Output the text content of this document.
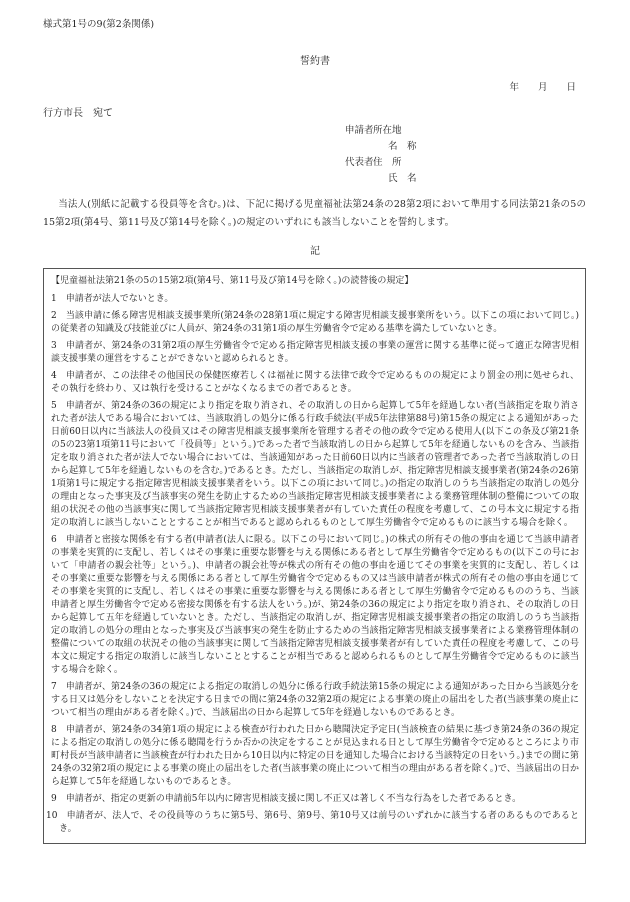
様式第1号の9(第2条関係)
誓約書
年　　月　　日
行方市長　宛て
申請者 所在地
名　称
代表者 住　所
氏　名

当法人(別紙に記載する役員等を含む。)は、下記に掲げる児童福祉法第24条の28第2項において準用する同法第21条の5の15第2項(第4号、第11号及び第14号を除く。)の規定のいずれにも該当しないことを誓約します。

記
【児童福祉法第21条の5の15第2項(第4号、第11号及び第14号を除く。)の読替後の規定】
1 申請者が法人でないとき。
2 当該申請に係る障害児相談支援事業所(第24条の28第1項に規定する障害児相談支援事業所をいう。以下この項において同じ。)の従業者の知識及び技能並びに人員が、第24条の31第1項の厚生労働省令で定める基準を満たしていないとき。
3 申請者が、第24条の31第2項の厚生労働省令で定める指定障害児相談支援の事業の運営に関する基準に従って適正な障害児相談支援事業の運営をすることができないと認められるとき。
4 申請者が、この法律その他国民の保健医療若しくは福祉に関する法律で政令で定めるものの規定により罰金の刑に処せられ、その執行を終わり、又は執行を受けることがなくなるまでの者であるとき。
5 申請者が、第24条の36の規定により指定を取り消され、その取消しの日から起算して5年を経過しない者(当該指定を取り消された者が法人である場合においては、当該取消しの処分に係る行政手続法(平成5年法律第88号)第15条の規定による通知があった日前60日以内に当該法人の役員又はその障害児相談支援事業所を管理する者その他の政令で定める使用人(以下この条及び第21条の5の23第1項第11号において「役員等」という。)であった者で当該取消しの日から起算して5年を経過しないものを含み、当該指定を取り消された者が法人でない場合においては、当該通知があった日前60日以内に当該者の管理者であった者で当該取消しの日から起算して5年を経過しないものを含む。)であるとき。ただし、当該指定の取消しが、指定障害児相談支援事業者(第24条の26第1項第1号に規定する指定障害児相談支援事業者をいう。以下この項において同じ。)の指定の取消しのうち当該指定の取消しの処分の理由となった事実及び当該事実の発生を防止するための当該指定障害児相談支援事業者による業務管理体制の整備についての取組の状況その他の当該事実に関して当該指定障害児相談支援事業者が有していた責任の程度を考慮して、この号本文に規定する指定の取消しに該当しないこととすることが相当であると認められるものとして厚生労働省令で定めるものに該当する場合を除く。
6 申請者と密接な関係を有する者(申請者(法人に限る。以下この号において同じ。)の株式の所有その他の事由を通じて当該申請者の事業を実質的に支配し、若しくはその事業に重要な影響を与える関係にある者として厚生労働省令で定めるもの(以下この号において「申請者の親会社等」という。)、申請者の親会社等が株式の所有その他の事由を通じてその事業を実質的に支配し、若しくはその事業に重要な影響を与える関係にある者として厚生労働省令で定めるもの又は当該申請者が株式の所有その他の事由を通じてその事業を実質的に支配し、若しくはその事業に重要な影響を与える関係にある者として厚生労働省令で定めるもののうち、当該申請者と厚生労働省令で定める密接な関係を有する法人をいう。)が、第24条の36の規定により指定を取り消され、その取消しの日から起算して五年を経過していないとき。ただし、当該指定の取消しが、指定障害児相談支援事業者の指定の取消しのうち当該指定の取消しの処分の理由となった事実及び当該事実の発生を防止するための当該指定障害児相談支援事業者による業務管理体制の整備についての取組の状況その他の当該事実に関して当該指定障害児相談支援事業者が有していた責任の程度を考慮して、この号本文に規定する指定の取消しに該当しないこととすることが相当であると認められるものとして厚生労働省令で定めるものに該当する場合を除く。
7 申請者が、第24条の36の規定による指定の取消しの処分に係る行政手続法第15条の規定による通知があった日から当該処分をする日又は処分をしないことを決定する日までの間に第24条の32第2項の規定による事業の廃止の届出をした者(当該事業の廃止について相当の理由がある者を除く。)で、当該届出の日から起算して5年を経過しないものであるとき。
8 申請者が、第24条の34第1項の規定による検査が行われた日から聴聞決定予定日(当該検査の結果に基づき第24条の36の規定による指定の取消しの処分に係る聴聞を行うか否かの決定をすることが見込まれる日として厚生労働省令で定めるところにより市町村長が当該申請者に当該検査が行われた日から10日以内に特定の日を通知した場合における当該特定の日をいう。)までの間に第24条の32第2項の規定による事業の廃止の届出をした者(当該事業の廃止について相当の理由がある者を除く。)で、当該届出の日から起算して5年を経過しないものであるとき。
9 申請者が、指定の更新の申請前5年以内に障害児相談支援に関し不正又は著しく不当な行為をした者であるとき。
10 申請者が、法人で、その役員等のうちに第5号、第6号、第9号、第10号又は前号のいずれかに該当する者のあるものであるとき。
